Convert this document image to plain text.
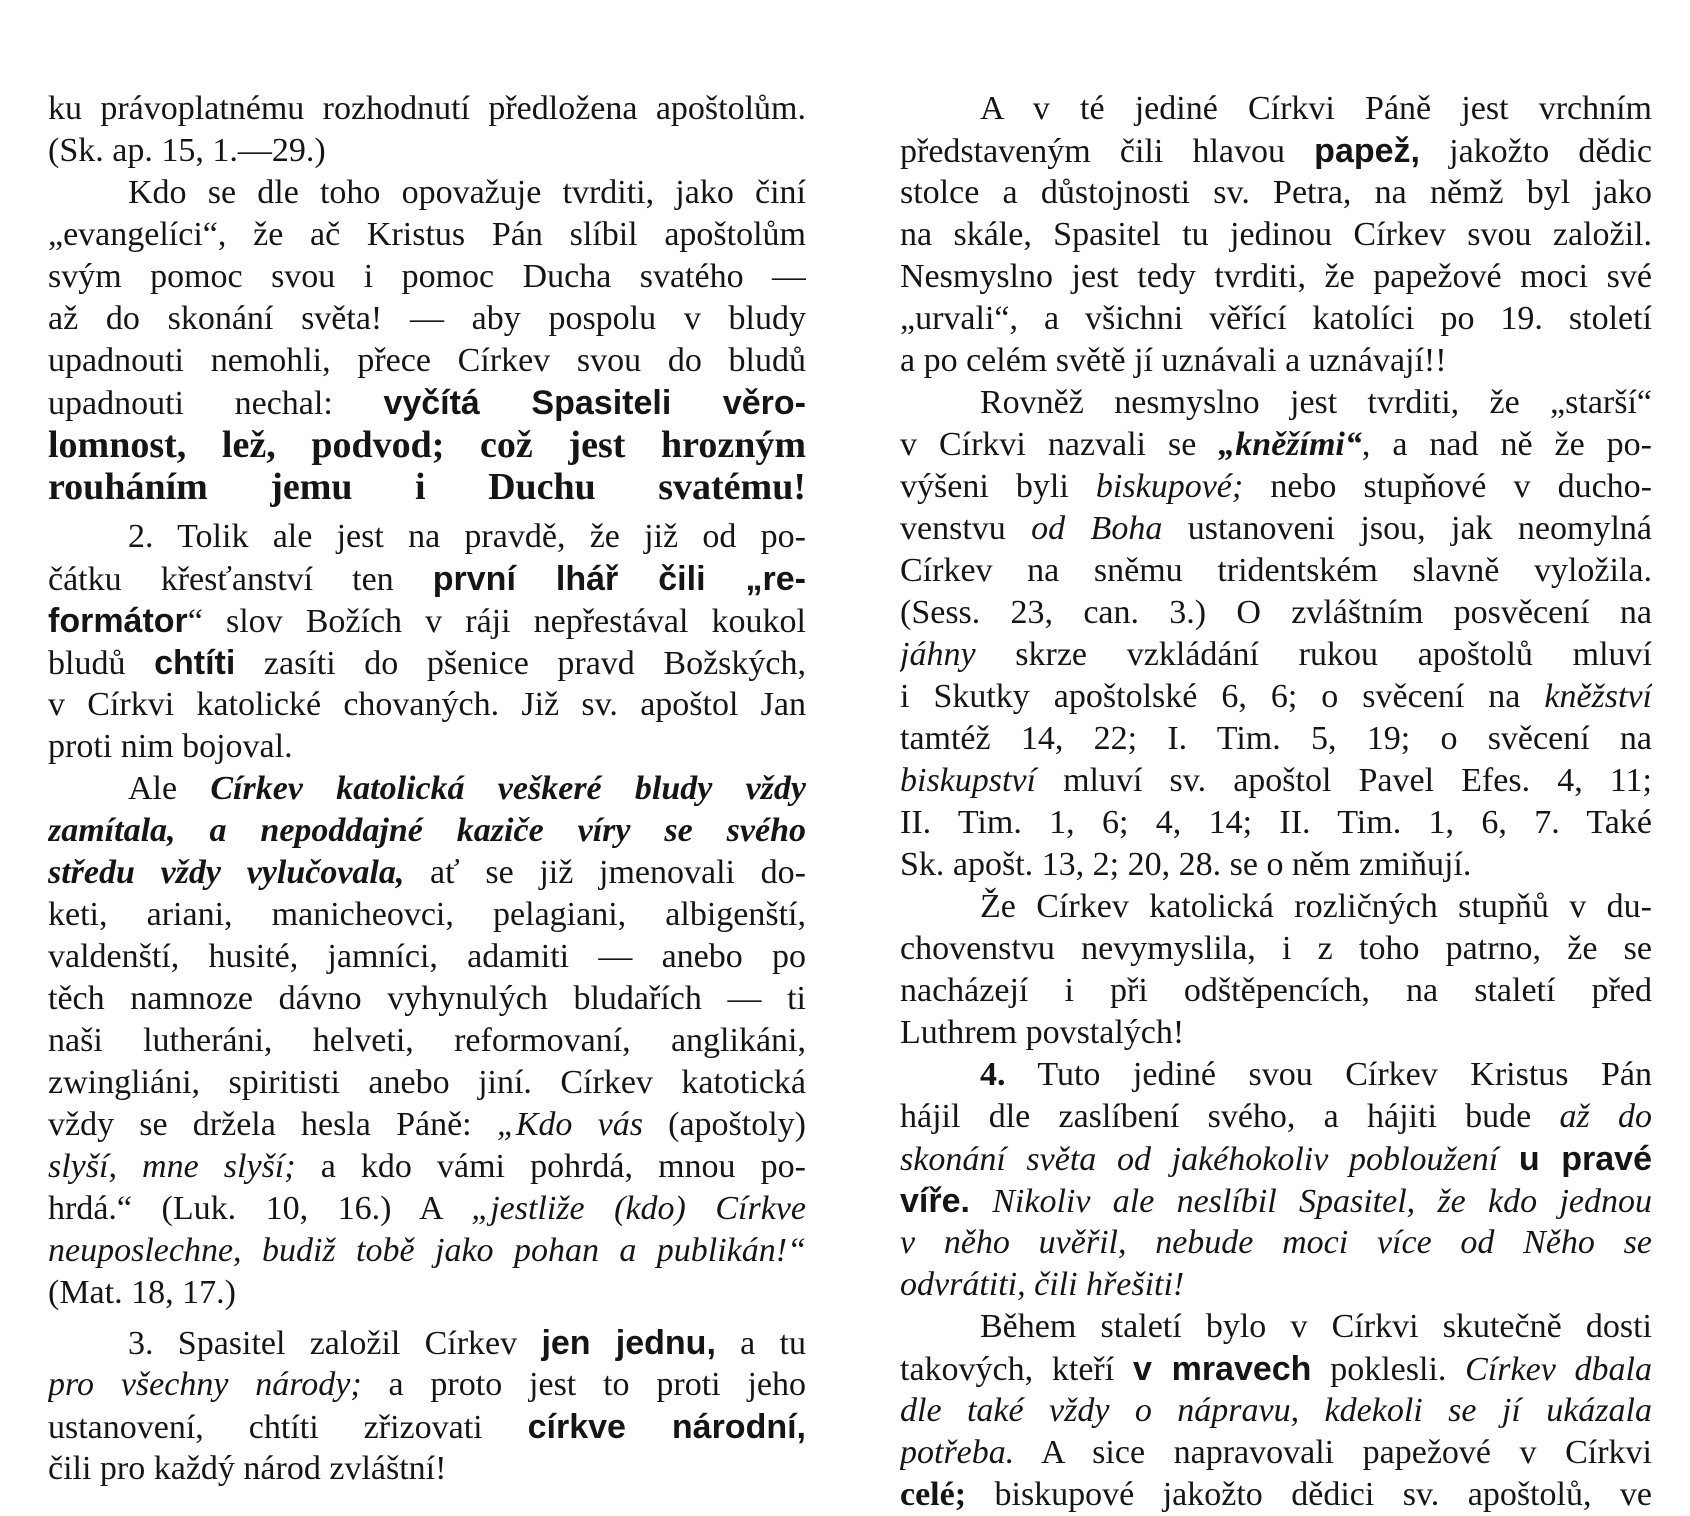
ku právoplatnému rozhodnutí předložena apoštolům.
(Sk. ap. 15, 1.—29.)
Kdo se dle toho opovažuje tvrditi, jako činí
„evangelíci“, že ač Kristus Pán slíbil apoštolům
svým pomoc svou i pomoc Ducha svatého —
až do skonání světa! — aby pospolu v bludy
upadnouti nemohli, přece Církev svou do bludů
upadnouti nechal: vyčítá Spasiteli věro-
lomnost, lež, podvod; což jest hrozným
rouháním jemu i Duchu svatému!
2. Tolik ale jest na pravdě, že již od po-
čátku křesťanství ten první lhář čili „re-
formátor“ slov Božích v ráji nepřestával koukol
bludů chtíti zasíti do pšenice pravd Božských,
v Církvi katolické chovaných. Již sv. apoštol Jan
proti nim bojoval.
Ale Církev katolická veškeré bludy vždy
zamítala, a nepoddajné kaziče víry se svého
středu vždy vylučovala, ať se již jmenovali do-
keti, ariani, manicheovci, pelagiani, albigenští,
valdenští, husité, jamníci, adamiti — anebo po
těch namnoze dávno vyhynulých bludařích — ti
naši lutheráni, helveti, reformovaní, anglikáni,
zwingliáni, spiritisti anebo jiní. Církev katotická
vždy se držela hesla Páně: „Kdo vás (apoštoly)
slyší, mne slyší; a kdo vámi pohrdá, mnou po-
hrdá.“ (Luk. 10, 16.) A „jestliže (kdo) Církve
neuposlechne, budiž tobě jako pohan a publikán!“
(Mat. 18, 17.)
3. Spasitel založil Církev jen jednu, a tu
pro všechny národy; a proto jest to proti jeho
ustanovení, chtíti zřizovati církve národní,
čili pro každý národ zvláštní!
A v té jediné Církvi Páně jest vrchním
představeným čili hlavou papež, jakožto dědic
stolce a důstojnosti sv. Petra, na němž byl jako
na skále, Spasitel tu jedinou Církev svou založil.
Nesmyslno jest tedy tvrditi, že papežové moci své
„urvali“, a všichni věřící katolíci po 19. století
a po celém světě jí uznávali a uznávají!!
Rovněž nesmyslno jest tvrditi, že „starší“
v Církvi nazvali se „kněžími“, a nad ně že po-
výšeni byli biskupové; nebo stupňové v ducho-
venstvu od Boha ustanoveni jsou, jak neomylná
Církev na sněmu tridentském slavně vyložila.
(Sess. 23, can. 3.) O zvláštním posvěcení na
jáhny skrze vzkládání rukou apoštolů mluví
i Skutky apoštolské 6, 6; o svěcení na kněžství
tamtéž 14, 22; I. Tim. 5, 19; o svěcení na
biskupství mluví sv. apoštol Pavel Efes. 4, 11;
II. Tim. 1, 6; 4, 14; II. Tim. 1, 6, 7. Také
Sk. apošt. 13, 2; 20, 28. se o něm zmiňují.
Že Církev katolická rozličných stupňů v du-
chovenstvu nevymyslila, i z toho patrno, že se
nacházejí i při odštěpencích, na staletí před
Luthrem povstalých!
4. Tuto jediné svou Církev Kristus Pán
hájil dle zaslíbení svého, a hájiti bude až do
skonání světa od jakéhokoliv pobloužení u pravé
víře. Nikoliv ale neslíbil Spasitel, že kdo jednou
v něho uvěřil, nebude moci více od Něho se
odvrátiti, čili hřešiti!
Během staletí bylo v Církvi skutečně dosti
takových, kteří v mravech poklesli. Církev dbala
dle také vždy o nápravu, kdekoli se jí ukázala
potřeba. A sice napravovali papežové v Církvi
celé; biskupové jakožto dědici sv. apoštolů, ve
